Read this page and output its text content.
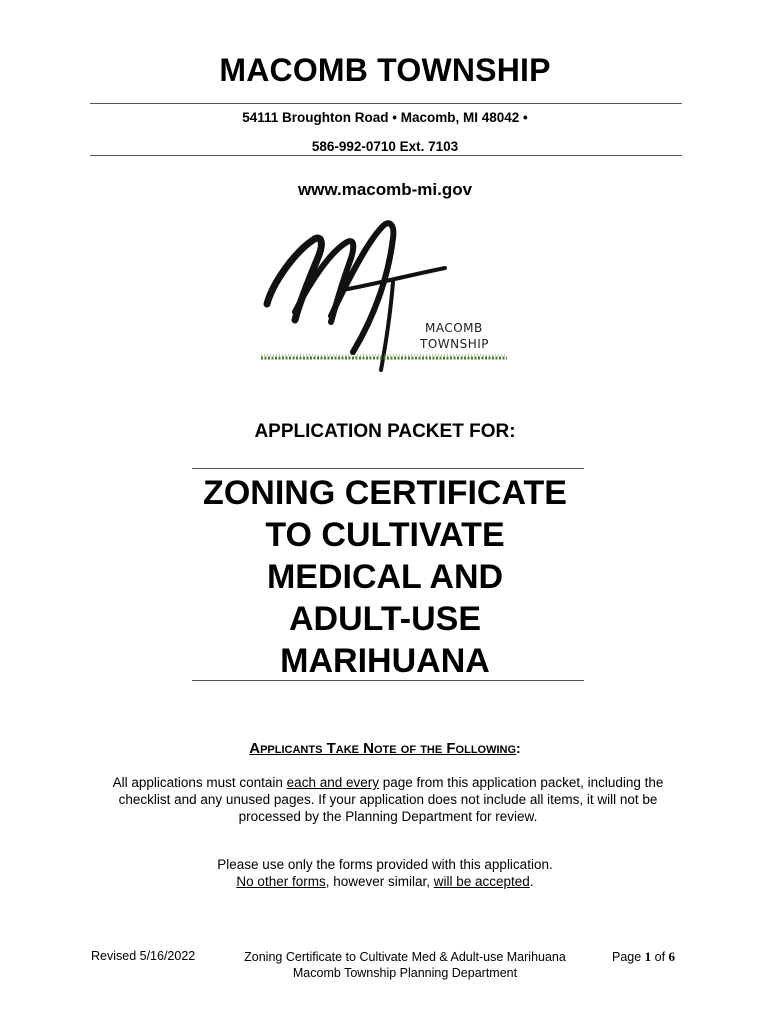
MACOMB TOWNSHIP
54111 Broughton Road • Macomb, MI 48042 •
586-992-0710 Ext. 7103
www.macomb-mi.gov
MACOMB
TOWNSHIP
APPLICATION PACKET FOR:
ZONING CERTIFICATE
TO CULTIVATE
MEDICAL AND
ADULT-USE
MARIHUANA
Applicants Take Note of the Following:
All applications must contain each and every page from this application packet, including the checklist and any unused pages. If your application does not include all items, it will not be processed by the Planning Department for review.
Please use only the forms provided with this application.
No other forms, however similar, will be accepted.
Revised 5/16/2022	Zoning Certificate to Cultivate Med & Adult-use Marihuana
Macomb Township Planning Department
Page 1 of 6
